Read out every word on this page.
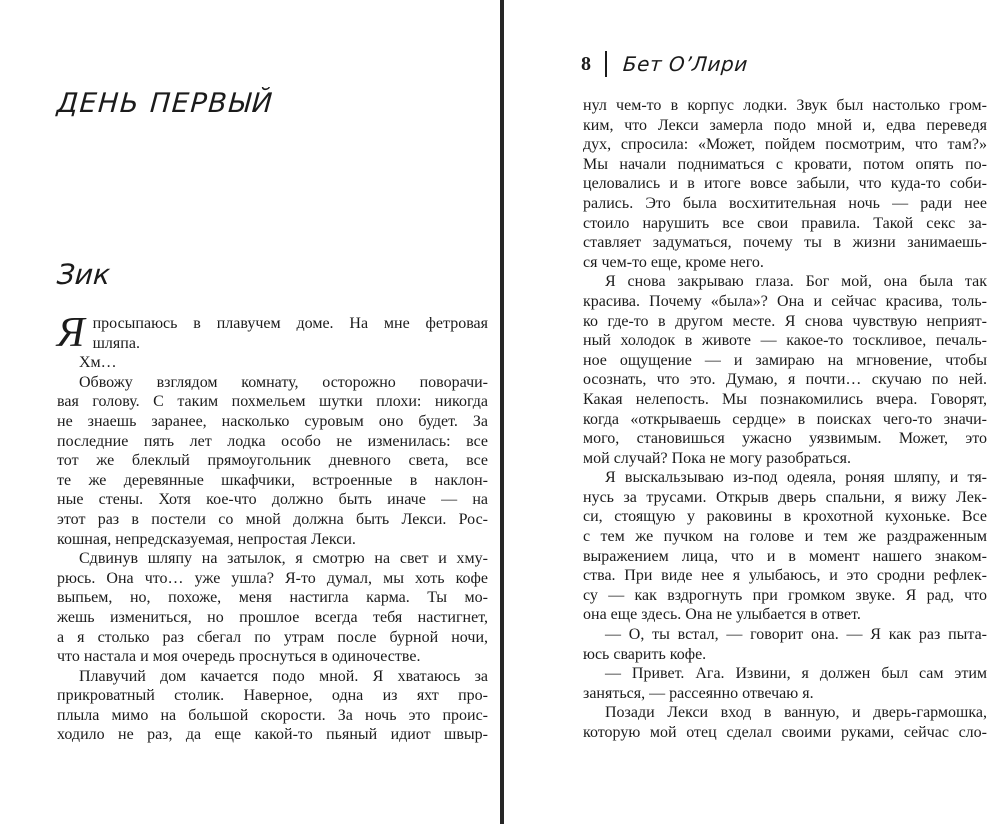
ДЕНЬ ПЕРВЫЙ
Зик
Я просыпаюсь в плавучем доме. На мне фетровая
шляпа.
Хм…
Обвожу взглядом комнату, осторожно поворачи-
вая голову. С таким похмельем шутки плохи: никогда
не знаешь заранее, насколько суровым оно будет. За
последние пять лет лодка особо не изменилась: все
тот же блеклый прямоугольник дневного света, все
те же деревянные шкафчики, встроенные в наклон-
ные стены. Хотя кое-что должно быть иначе — на
этот раз в постели со мной должна быть Лекси. Рос-
кошная, непредсказуемая, непростая Лекси.
Сдвинув шляпу на затылок, я смотрю на свет и хму-
рюсь. Она что… уже ушла? Я-то думал, мы хоть кофе
выпьем, но, похоже, меня настигла карма. Ты мо-
жешь измениться, но прошлое всегда тебя настигнет,
а я столько раз сбегал по утрам после бурной ночи,
что настала и моя очередь проснуться в одиночестве.
Плавучий дом качается подо мной. Я хватаюсь за
прикроватный столик. Наверное, одна из яхт про-
плыла мимо на большой скорости. За ночь это проис-
ходило не раз, да еще какой-то пьяный идиот швыр-
8 Бет О’Лири
нул чем-то в корпус лодки. Звук был настолько гром-
ким, что Лекси замерла подо мной и, едва переведя
дух, спросила: «Может, пойдем посмотрим, что там?»
Мы начали подниматься с кровати, потом опять по-
целовались и в итоге вовсе забыли, что куда-то соби-
рались. Это была восхитительная ночь — ради нее
стоило нарушить все свои правила. Такой секс за-
ставляет задуматься, почему ты в жизни занимаешь-
ся чем-то еще, кроме него.
Я снова закрываю глаза. Бог мой, она была так
красива. Почему «была»? Она и сейчас красива, толь-
ко где-то в другом месте. Я снова чувствую неприят-
ный холодок в животе — какое-то тоскливое, печаль-
ное ощущение — и замираю на мгновение, чтобы
осознать, что это. Думаю, я почти… скучаю по ней.
Какая нелепость. Мы познакомились вчера. Говорят,
когда «открываешь сердце» в поисках чего-то значи-
мого, становишься ужасно уязвимым. Может, это
мой случай? Пока не могу разобраться.
Я выскальзываю из-под одеяла, роняя шляпу, и тя-
нусь за трусами. Открыв дверь спальни, я вижу Лек-
си, стоящую у раковины в крохотной кухоньке. Все
с тем же пучком на голове и тем же раздраженным
выражением лица, что и в момент нашего знаком-
ства. При виде нее я улыбаюсь, и это сродни рефлек-
су — как вздрогнуть при громком звуке. Я рад, что
она еще здесь. Она не улыбается в ответ.
— О, ты встал, — говорит она. — Я как раз пыта-
юсь сварить кофе.
— Привет. Ага. Извини, я должен был сам этим
заняться, — рассеянно отвечаю я.
Позади Лекси вход в ванную, и дверь-гармошка,
которую мой отец сделал своими руками, сейчас сло-
